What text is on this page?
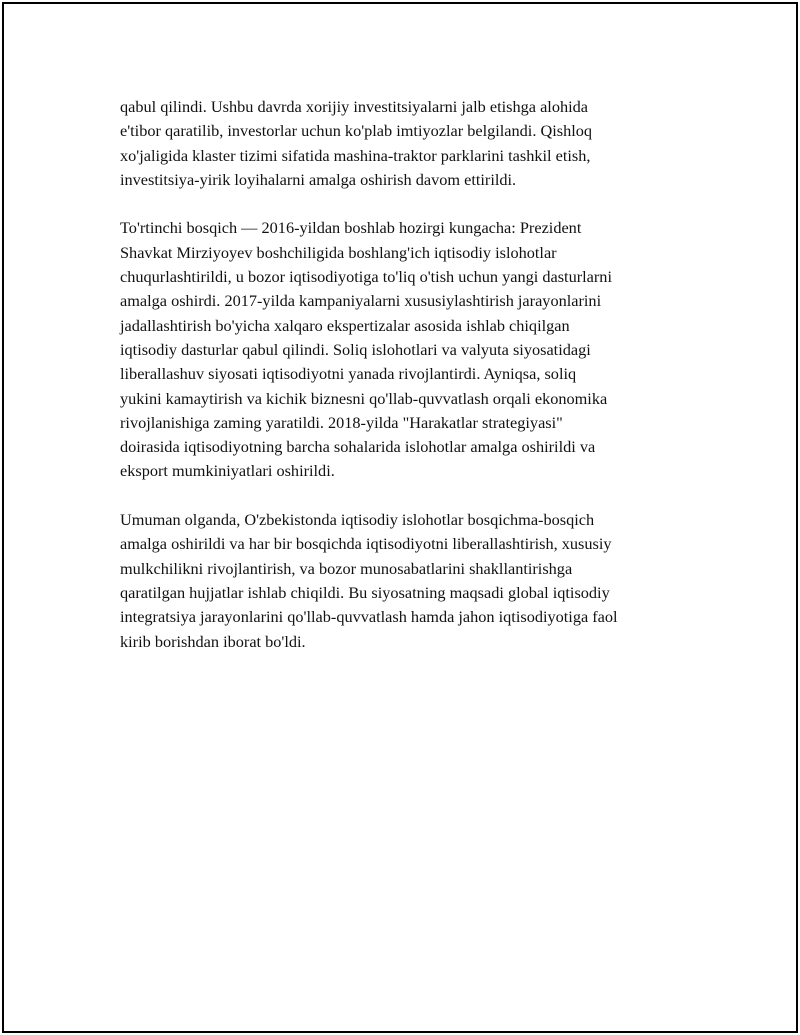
qabul qilindi. Ushbu davrda xorijiy investitsiyalarni jalb etishga alohida
e'tibor qaratilib, investorlar uchun ko'plab imtiyozlar belgilandi. Qishloq
xo'jaligida klaster tizimi sifatida mashina-traktor parklarini tashkil etish,
investitsiya-yirik loyihalarni amalga oshirish davom ettirildi.

To'rtinchi bosqich — 2016-yildan boshlab hozirgi kungacha: Prezident
Shavkat Mirziyoyev boshchiligida boshlang'ich iqtisodiy islohotlar
chuqurlashtirildi, u bozor iqtisodiyotiga to'liq o'tish uchun yangi dasturlarni
amalga oshirdi. 2017-yilda kampaniyalarni xususiylashtirish jarayonlarini
jadallashtirish bo'yicha xalqaro ekspertizalar asosida ishlab chiqilgan
iqtisodiy dasturlar qabul qilindi. Soliq islohotlari va valyuta siyosatidagi
liberallashuv siyosati iqtisodiyotni yanada rivojlantirdi. Ayniqsa, soliq
yukini kamaytirish va kichik biznesni qo'llab-quvvatlash orqali ekonomika
rivojlanishiga zaming yaratildi. 2018-yilda "Harakatlar strategiyasi"
doirasida iqtisodiyotning barcha sohalarida islohotlar amalga oshirildi va
eksport mumkiniyatlari oshirildi.

Umuman olganda, O'zbekistonda iqtisodiy islohotlar bosqichma-bosqich
amalga oshirildi va har bir bosqichda iqtisodiyotni liberallashtirish, xususiy
mulkchilikni rivojlantirish, va bozor munosabatlarini shakllantirishga
qaratilgan hujjatlar ishlab chiqildi. Bu siyosatning maqsadi global iqtisodiy
integratsiya jarayonlarini qo'llab-quvvatlash hamda jahon iqtisodiyotiga faol
kirib borishdan iborat bo'ldi.
